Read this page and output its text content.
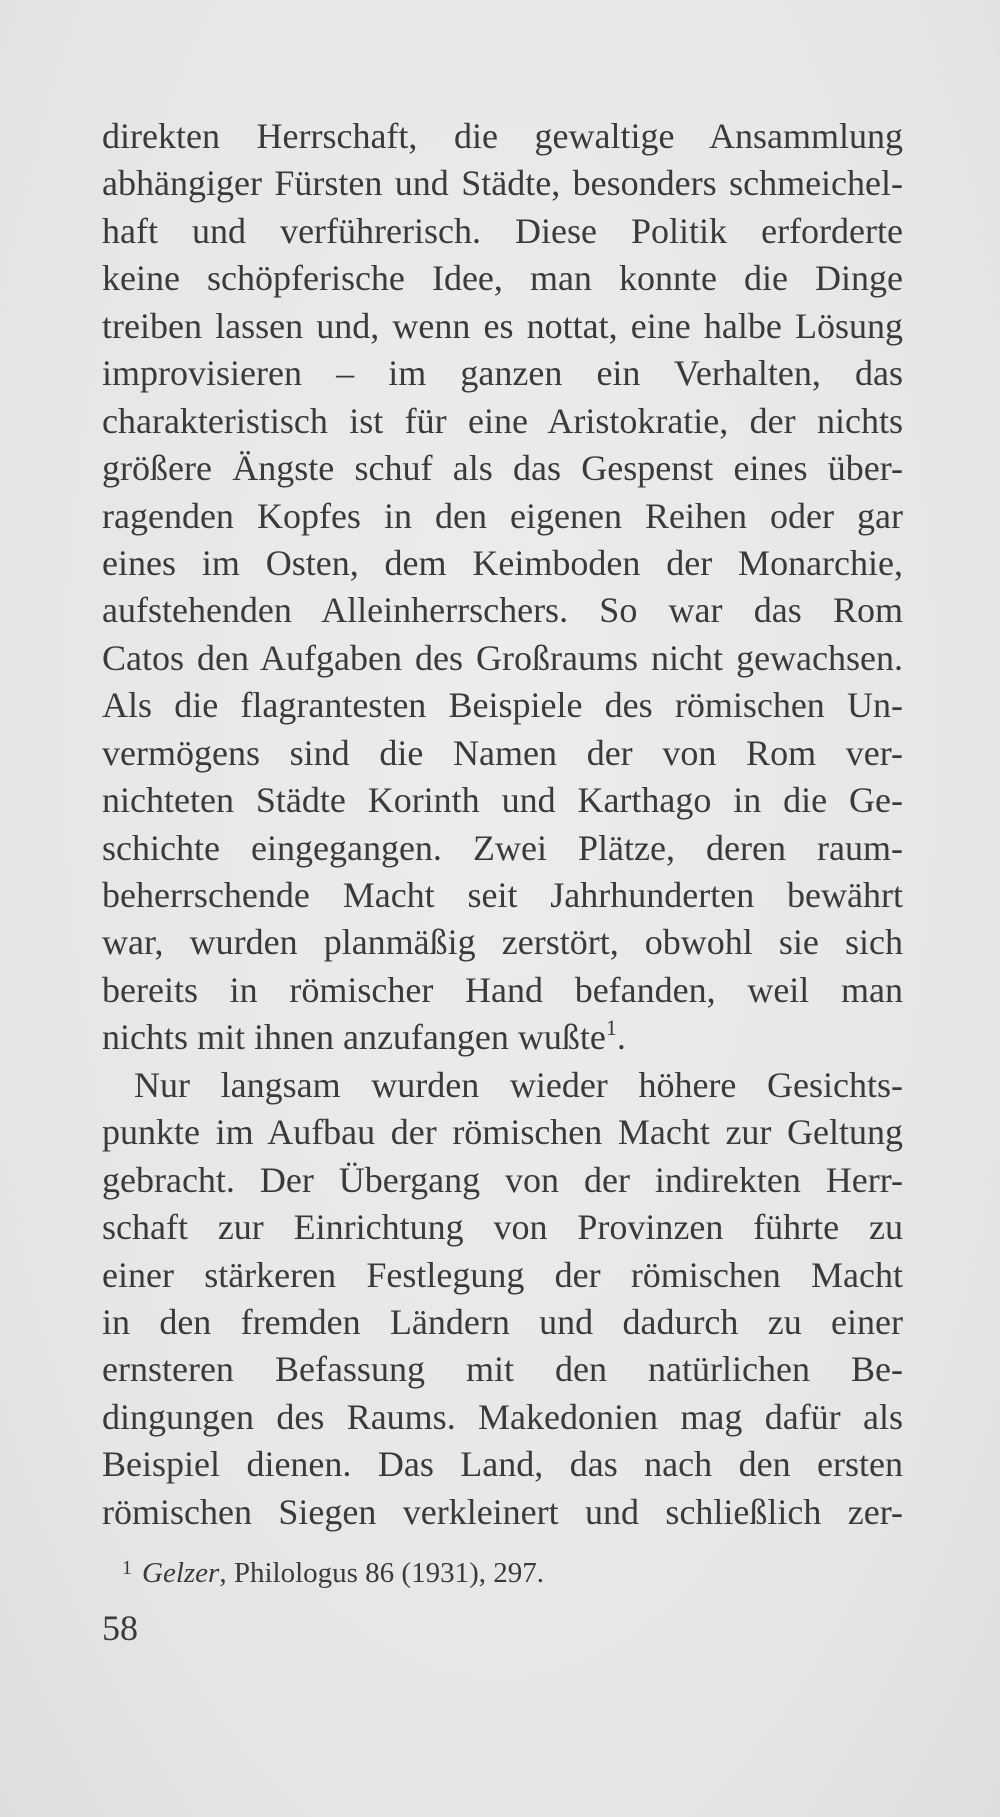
direkten Herrschaft, die gewaltige Ansammlung
abhängiger Fürsten und Städte, besonders schmeichel-
haft und verführerisch. Diese Politik erforderte
keine schöpferische Idee, man konnte die Dinge
treiben lassen und, wenn es nottat, eine halbe Lösung
improvisieren – im ganzen ein Verhalten, das
charakteristisch ist für eine Aristokratie, der nichts
größere Ängste schuf als das Gespenst eines über-
ragenden Kopfes in den eigenen Reihen oder gar
eines im Osten, dem Keimboden der Monarchie,
aufstehenden Alleinherrschers. So war das Rom
Catos den Aufgaben des Großraums nicht gewachsen.
Als die flagrantesten Beispiele des römischen Un-
vermögens sind die Namen der von Rom ver-
nichteten Städte Korinth und Karthago in die Ge-
schichte eingegangen. Zwei Plätze, deren raum-
beherrschende Macht seit Jahrhunderten bewährt
war, wurden planmäßig zerstört, obwohl sie sich
bereits in römischer Hand befanden, weil man
nichts mit ihnen anzufangen wußte$^1$.
Nur langsam wurden wieder höhere Gesichts-
punkte im Aufbau der römischen Macht zur Geltung
gebracht. Der Übergang von der indirekten Herr-
schaft zur Einrichtung von Provinzen führte zu
einer stärkeren Festlegung der römischen Macht
in den fremden Ländern und dadurch zu einer
ernsteren Befassung mit den natürlichen Be-
dingungen des Raums. Makedonien mag dafür als
Beispiel dienen. Das Land, das nach den ersten
römischen Siegen verkleinert und schließlich zer-
$^1$ Gelzer, Philologus 86 (1931), 297.
58
